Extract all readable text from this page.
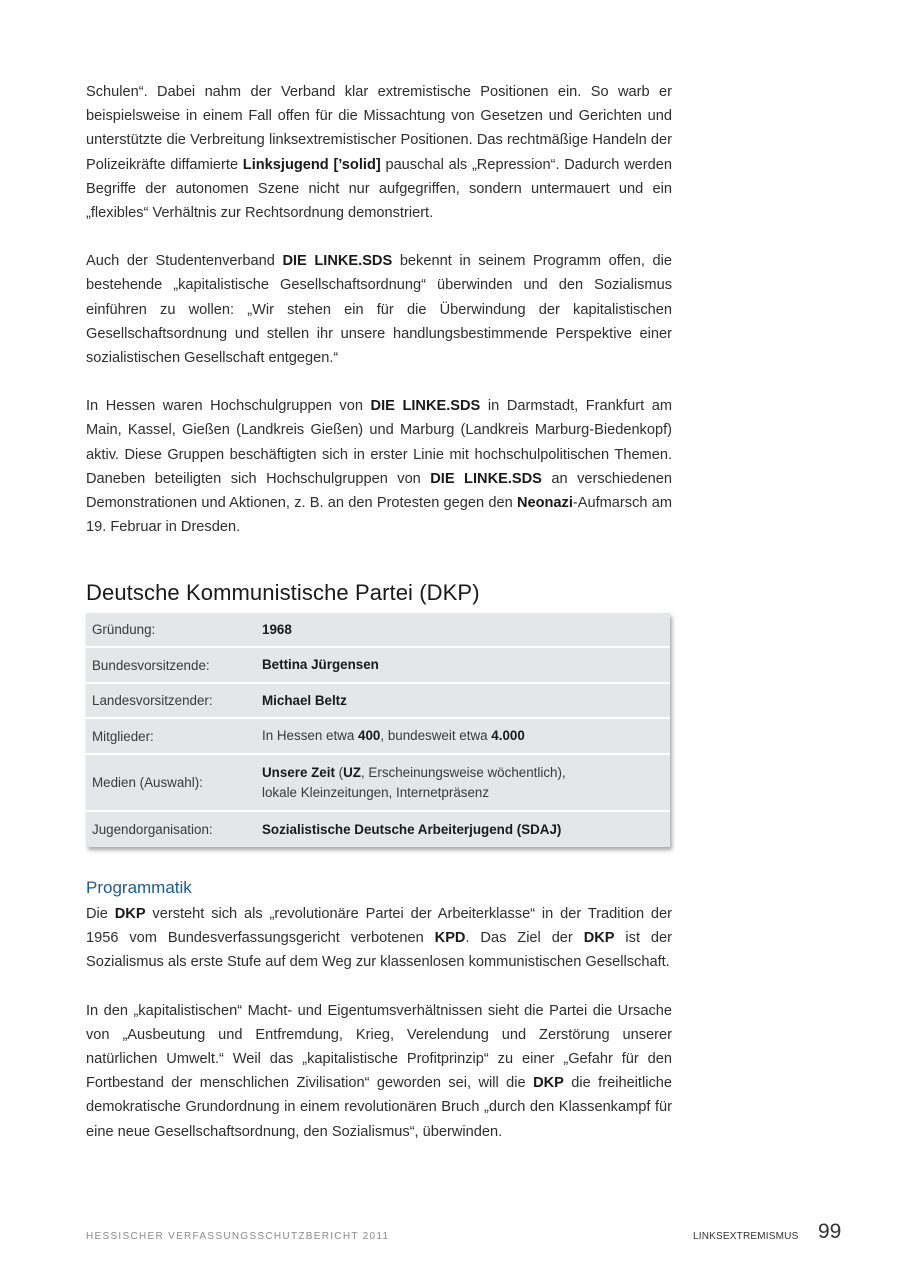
Schulen“. Dabei nahm der Verband klar extremistische Positionen ein. So warb er beispielsweise in einem Fall offen für die Missachtung von Gesetzen und Gerichten und unterstützte die Verbreitung linksextremistischer Positionen. Das rechtmäßige Handeln der Polizeikräfte diffamierte Linksjugend [’solid] pauschal als „Repression“. Dadurch werden Begriffe der autonomen Szene nicht nur aufgegriffen, sondern untermauert und ein „flexibles“ Verhältnis zur Rechtsordnung demonstriert.

Auch der Studentenverband DIE LINKE.SDS bekennt in seinem Programm offen, die bestehende „kapitalistische Gesellschaftsordnung“ überwinden und den Sozialismus einführen zu wollen: „Wir stehen ein für die Überwindung der kapitalistischen Gesellschaftsordnung und stellen ihr unsere handlungsbestimmende Perspektive einer sozialistischen Gesellschaft entgegen.“

In Hessen waren Hochschulgruppen von DIE LINKE.SDS in Darmstadt, Frankfurt am Main, Kassel, Gießen (Landkreis Gießen) und Marburg (Landkreis Marburg-Biedenkopf) aktiv. Diese Gruppen beschäftigten sich in erster Linie mit hochschulpolitischen Themen. Daneben beteiligten sich Hochschulgruppen von DIE LINKE.SDS an verschiedenen Demonstrationen und Aktionen, z. B. an den Protesten gegen den Neonazi-Aufmarsch am 19. Februar in Dresden.

Deutsche Kommunistische Partei (DKP)
Gründung:	1968
Bundesvorsitzende:	Bettina Jürgensen
Landesvorsitzender:	Michael Beltz
Mitglieder:	In Hessen etwa 400, bundesweit etwa 4.000
Medien (Auswahl):
Unsere Zeit (UZ, Erscheinungsweise wöchentlich),
lokale Kleinzeitungen, Internetpräsenz
Jugendorganisation:	Sozialistische Deutsche Arbeiterjugend (SDAJ)
Programmatik

Die DKP versteht sich als „revolutionäre Partei der Arbeiterklasse“ in der Tradition der 1956 vom Bundesverfassungsgericht verbotenen KPD. Das Ziel der DKP ist der Sozialismus als erste Stufe auf dem Weg zur klassenlosen kommunistischen Gesellschaft.

In den „kapitalistischen“ Macht- und Eigentumsverhältnissen sieht die Partei die Ursache von „Ausbeutung und Entfremdung, Krieg, Verelendung und Zerstörung unserer natürlichen Umwelt.“ Weil das „kapitalistische Profitprinzip“ zu einer „Gefahr für den Fortbestand der menschlichen Zivilisation“ geworden sei, will die DKP die freiheitliche demokratische Grundordnung in einem revolutionären Bruch „durch den Klassenkampf für eine neue Gesellschaftsordnung, den Sozialismus“, überwinden.

HESSISCHER VERFASSUNGSSCHUTZBERICHT 2011	LINKSEXTREMISMUS 99
